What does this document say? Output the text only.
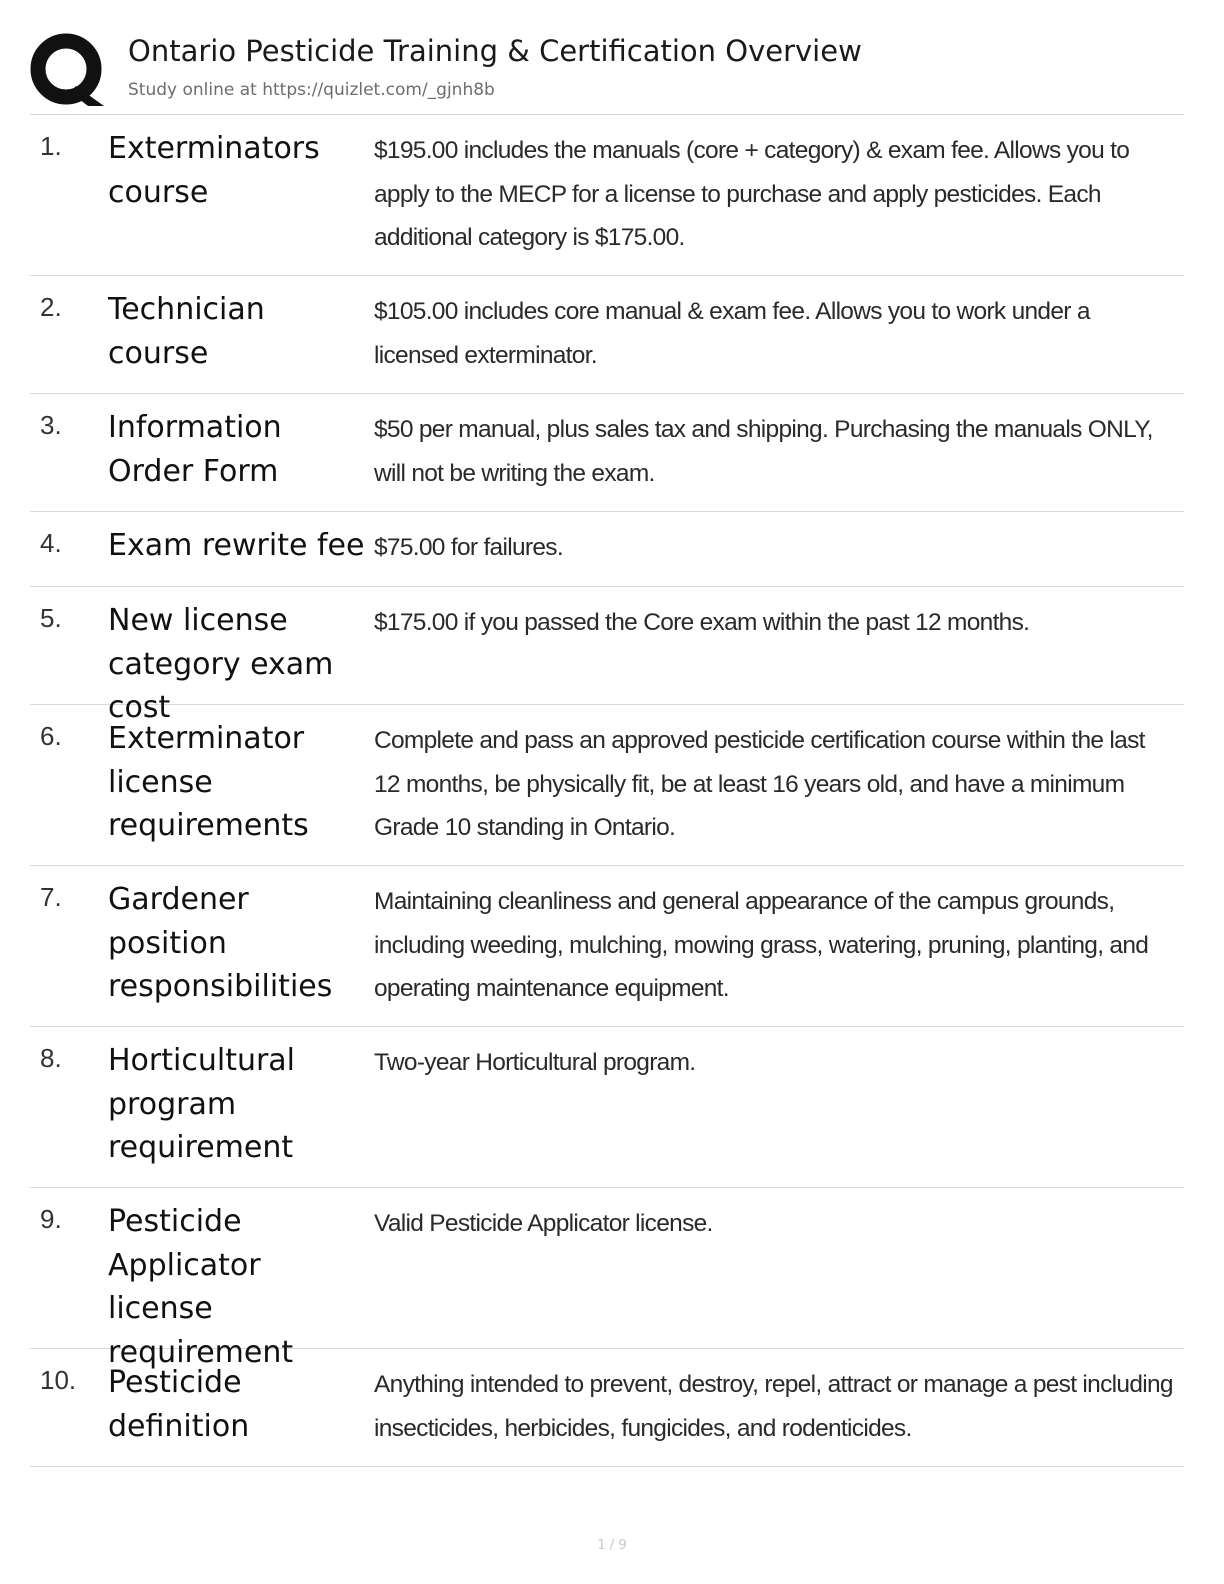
Ontario Pesticide Training & Certification Overview
Study online at https://quizlet.com/_gjnh8b
1. Exterminators course
$195.00 includes the manuals (core + category) & exam fee. Allows you to apply to the MECP for a license to purchase and apply pesticides. Each additional category is $175.00.
2. Technician course
$105.00 includes core manual & exam fee. Allows you to work under a licensed exterminator.
3. Information Order Form
$50 per manual, plus sales tax and shipping. Purchasing the manuals ONLY, will not be writing the exam.
4. Exam rewrite fee $75.00 for failures.
5. New license category exam cost
$175.00 if you passed the Core exam within the past 12 months.
6. Exterminator license requirements
Complete and pass an approved pesticide certification course within the last 12 months, be physically fit, be at least 16 years old, and have a minimum Grade 10 standing in Ontario.
7. Gardener position responsibilities
Maintaining cleanliness and general appearance of the campus grounds, including weeding, mulching, mowing grass, watering, pruning, planting, and operating maintenance equipment.
8. Horticultural program requirement
Two-year Horticultural program.
9. Pesticide Applicator license requirement
Valid Pesticide Applicator license.
10. Pesticide definition
Anything intended to prevent, destroy, repel, attract or manage a pest including insecticides, herbicides, fungicides, and rodenticides.
1 / 9
